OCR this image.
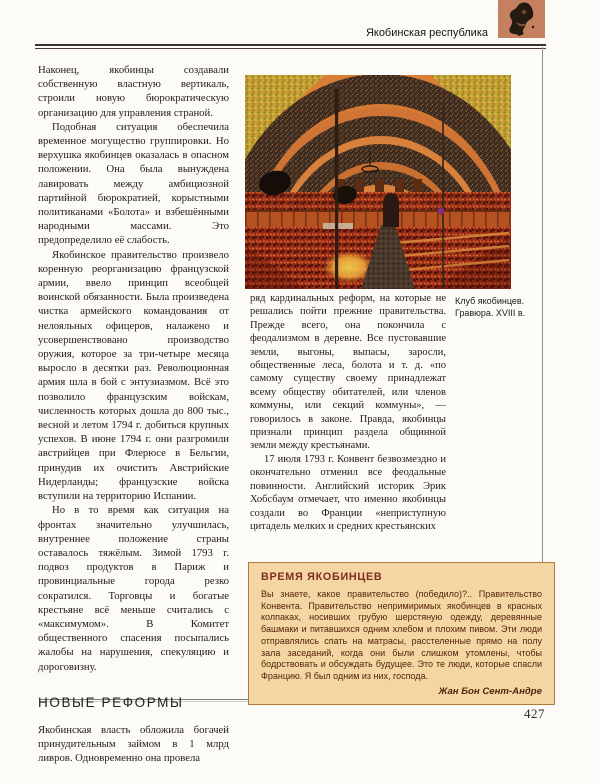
Якобинская республика

Наконец, якобинцы создавали собственную властную вертикаль, строили новую бюрократическую организацию для управления страной.

Подобная ситуация обеспечила временное могущество группировки. Но верхушка якобинцев оказалась в опасном положении. Она была вынуждена лавировать между амбициозной партийной бюрократией, корыстными политиканами «Болота» и взбешёнными народными массами. Это предопределило её слабость.

Якобинское правительство произвело коренную реорганизацию французской армии, ввело принцип всеобщей воинской обязанности. Была произведена чистка армейского командования от нелояльных офицеров, налажено и усовершенствовано производство оружия, которое за три-четыре месяца выросло в десятки раз. Революционная армия шла в бой с энтузиазмом. Всё это позволило французским войскам, численность которых дошла до 800 тыс., весной и летом 1794 г. добиться крупных успехов. В июне 1794 г. они разгромили австрийцев при Флерюсе в Бельгии, принудив их очистить Австрийские Нидерланды; французские войска вступили на территорию Испании.

Но в то время как ситуация на фронтах значительно улучшилась, внутреннее положение страны оставалось тяжёлым. Зимой 1793 г. подвоз продуктов в Париж и провинциальные города резко сократился. Торговцы и богатые крестьяне всё меньше считались с «максимумом». В Комитет общественного спасения посыпались жалобы на нарушения, спекуляцию и дороговизну.

НОВЫЕ РЕФОРМЫ

Якобинская власть обложила богачей принудительным займом в 1 млрд ливров. Одновременно она провела

Клуб якобинцев.
Гравюра. XVIII в.

ряд кардинальных реформ, на которые не решались пойти прежние правительства. Прежде всего, она покончила с феодализмом в деревне. Все пустовавшие земли, выгоны, выпасы, заросли, общественные леса, болота и т. д. «по самому существу своему принадлежат всему обществу обитателей, или членов коммуны, или секций коммуны», — говорилось в законе. Правда, якобинцы признали принцип раздела общинной земли между крестьянами.

17 июля 1793 г. Конвент безвозмездно и окончательно отменил все феодальные повинности. Английский историк Эрик Хобсбаум отмечает, что именно якобинцы создали во Франции «неприступную цитадель мелких и средних крестьянских

ВРЕМЯ ЯКОБИНЦЕВ
Вы знаете, какое правительство (победило)?.. Правительство Конвента. Правительство непримиримых якобинцев в красных колпаках, носивших грубую шерстяную одежду, деревянные башмаки и питавшихся одним хлебом и плохим пивом. Эти люди отправлялись спать на матрасы, расстеленные прямо на полу зала заседаний, когда они были слишком утомлены, чтобы бодрствовать и обсуждать будущее. Это те люди, которые спасли Францию. Я был одним из них, господа.
Жан Бон Сент-Андре
427
